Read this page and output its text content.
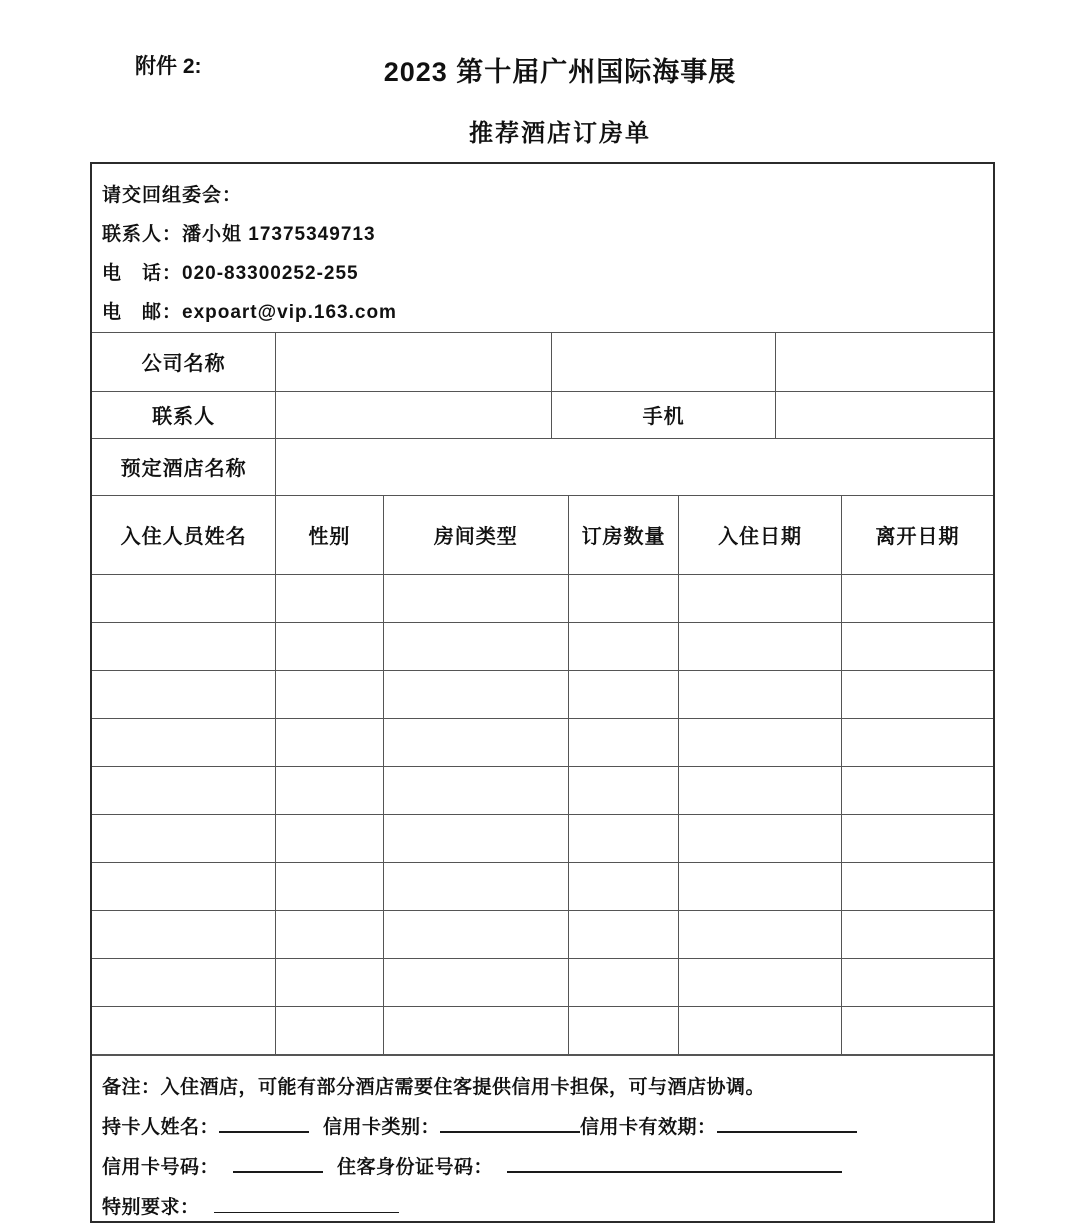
附件 2:	2023 第十届广州国际海事展
推荐酒店订房单
请交回组委会：
联系人：潘小姐 17375349713
电　话：020-83300252-255
电　邮：expoart@vip.163.com
公司名称			
联系人		手机	
预定酒店名称			
入住人员姓名	性别	房间类型	订房数量	入住日期	离开日期

备注：入住酒店，可能有部分酒店需要住客提供信用卡担保，可与酒店协调。
持卡人姓名：	信用卡类别：	信用卡有效期：
信用卡号码：	住客身份证号码：
特别要求：
